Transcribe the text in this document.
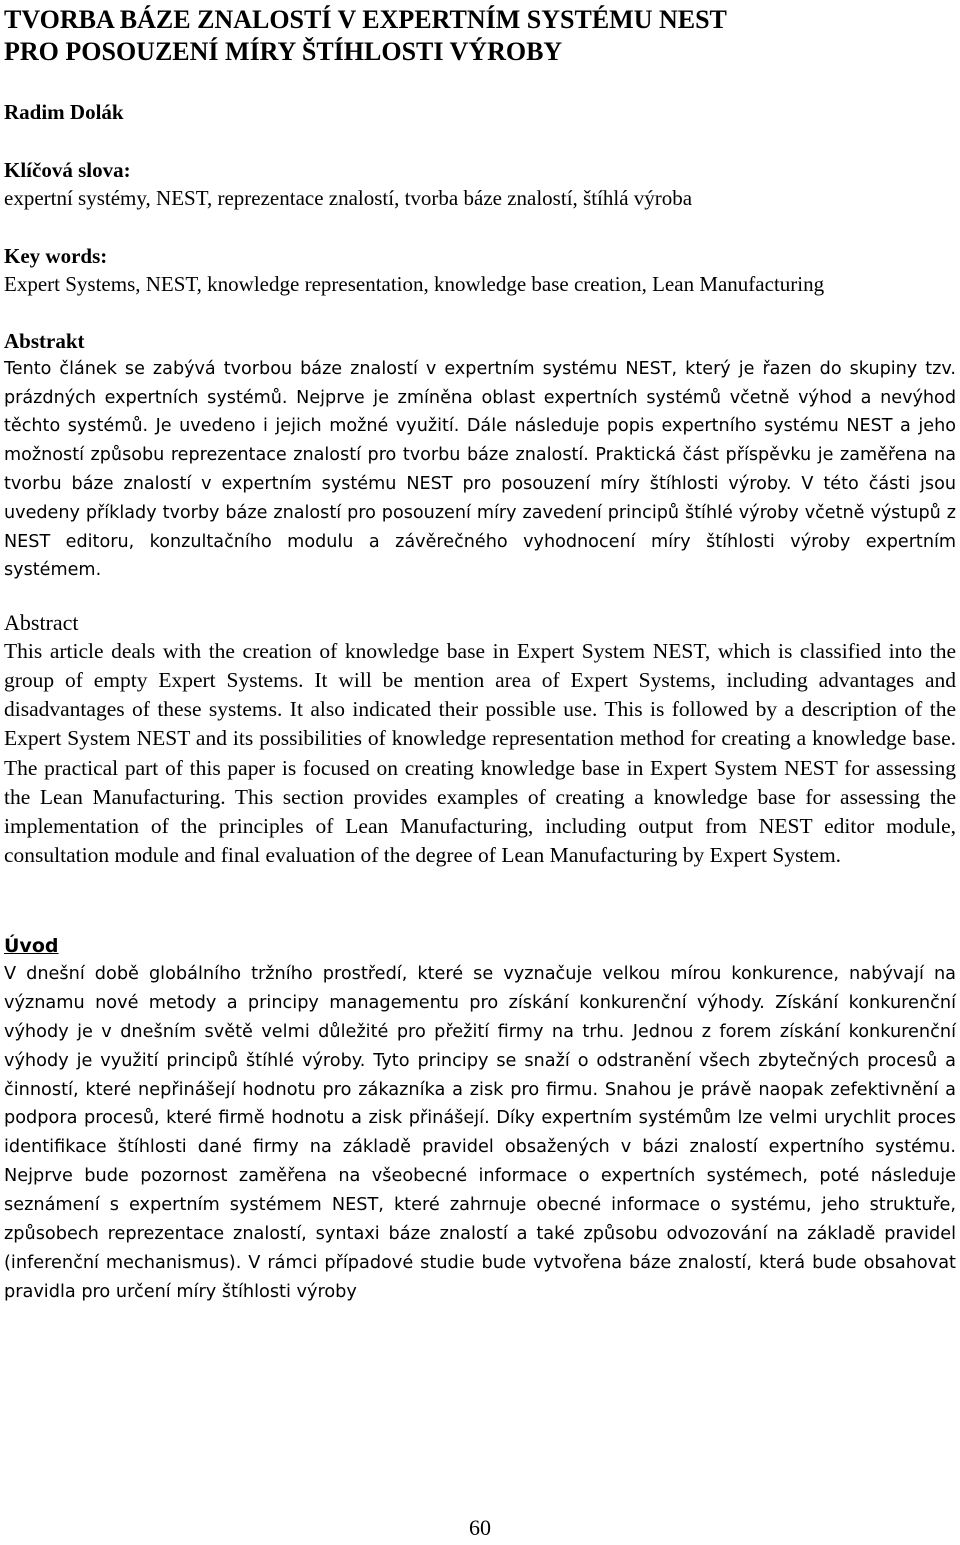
TVORBA BÁZE ZNALOSTÍ V EXPERTNÍM SYSTÉMU NEST
PRO POSOUZENÍ MÍRY ŠTÍHLOSTI VÝROBY
Radim Dolák
Klíčová slova:
expertní systémy, NEST, reprezentace znalostí, tvorba báze znalostí, štíhlá výroba
Key words:
Expert Systems, NEST, knowledge representation, knowledge base creation, Lean Manufacturing
Abstrakt
Tento článek se zabývá tvorbou báze znalostí v expertním systému NEST, který je řazen do skupiny tzv. prázdných expertních systémů. Nejprve je zmíněna oblast expertních systémů včetně výhod a nevýhod těchto systémů. Je uvedeno i jejich možné využití. Dále následuje popis expertního systému NEST a jeho možností způsobu reprezentace znalostí pro tvorbu báze znalostí. Praktická část příspěvku je zaměřena na tvorbu báze znalostí v expertním systému NEST pro posouzení míry štíhlosti výroby. V této části jsou uvedeny příklady tvorby báze znalostí pro posouzení míry zavedení principů štíhlé výroby včetně výstupů z NEST editoru, konzultačního modulu a závěrečného vyhodnocení míry štíhlosti výroby expertním systémem.
Abstract
This article deals with the creation of knowledge base in Expert System NEST, which is classified into the group of empty Expert Systems. It will be mention area of Expert Systems, including advantages and disadvantages of these systems. It also indicated their possible use. This is followed by a description of the Expert System NEST and its possibilities of knowledge representation method for creating a knowledge base. The practical part of this paper is focused on creating knowledge base in Expert System NEST for assessing the Lean Manufacturing. This section provides examples of creating a knowledge base for assessing the implementation of the principles of Lean Manufacturing, including output from NEST editor module, consultation module and final evaluation of the degree of Lean Manufacturing by Expert System.
Úvod
V dnešní době globálního tržního prostředí, které se vyznačuje velkou mírou konkurence, nabývají na významu nové metody a principy managementu pro získání konkurenční výhody. Získání konkurenční výhody je v dnešním světě velmi důležité pro přežití firmy na trhu. Jednou z forem získání konkurenční výhody je využití principů štíhlé výroby. Tyto principy se snaží o odstranění všech zbytečných procesů a činností, které nepřinášejí hodnotu pro zákazníka a zisk pro firmu. Snahou je právě naopak zefektivnění a podpora procesů, které firmě hodnotu a zisk přinášejí. Díky expertním systémům lze velmi urychlit proces identifikace štíhlosti dané firmy na základě pravidel obsažených v bázi znalostí expertního systému. Nejprve bude pozornost zaměřena na všeobecné informace o expertních systémech, poté následuje seznámení s expertním systémem NEST, které zahrnuje obecné informace o systému, jeho struktuře, způsobech reprezentace znalostí, syntaxi báze znalostí a také způsobu odvozování na základě pravidel (inferenční mechanismus). V rámci případové studie bude vytvořena báze znalostí, která bude obsahovat pravidla pro určení míry štíhlosti výroby
60
